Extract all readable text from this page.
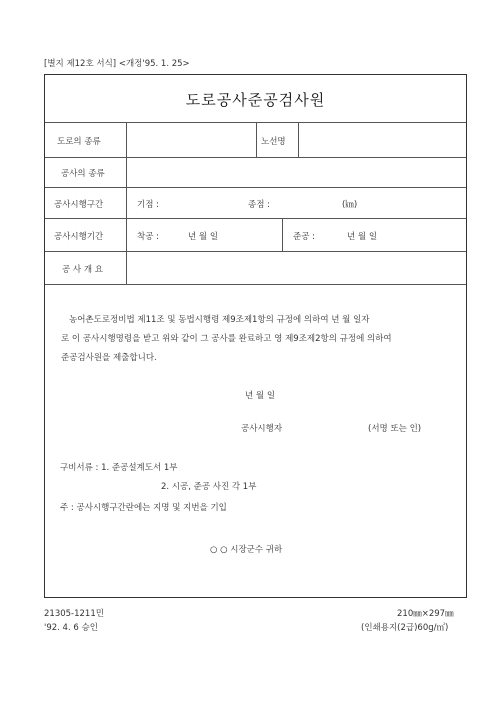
[별지 제12호 서식] <개정'95. 1. 25>
도로공사준공검사원
도로의 종류	노선명
공사의 종류
공사시행구간	기점 :	종점 :	(㎞)
공사시행기간	착공 :	년 월 일	준공 :	년 월 일
공 사 개 요
농어촌도로정비법 제11조 및 동법시행령 제9조제1항의 규정에 의하여 년 월 일자
로 이 공사시행명령을 받고 위와 같이 그 공사를 완료하고 영 제9조제2항의 규정에 의하여
준공검사원을 제출합니다.
년 월 일
공사시행자	(서명 또는 인)
구비서류 : 1. 준공설계도서 1부
2. 시공, 준공 사진 각 1부
주 : 공사시행구간란에는 지명 및 지번을 기입
○ ○ 시장군수 귀하
21305-1211민	210㎜×297㎜
'92. 4. 6 승인	(인쇄용지(2급)60g/㎡)
